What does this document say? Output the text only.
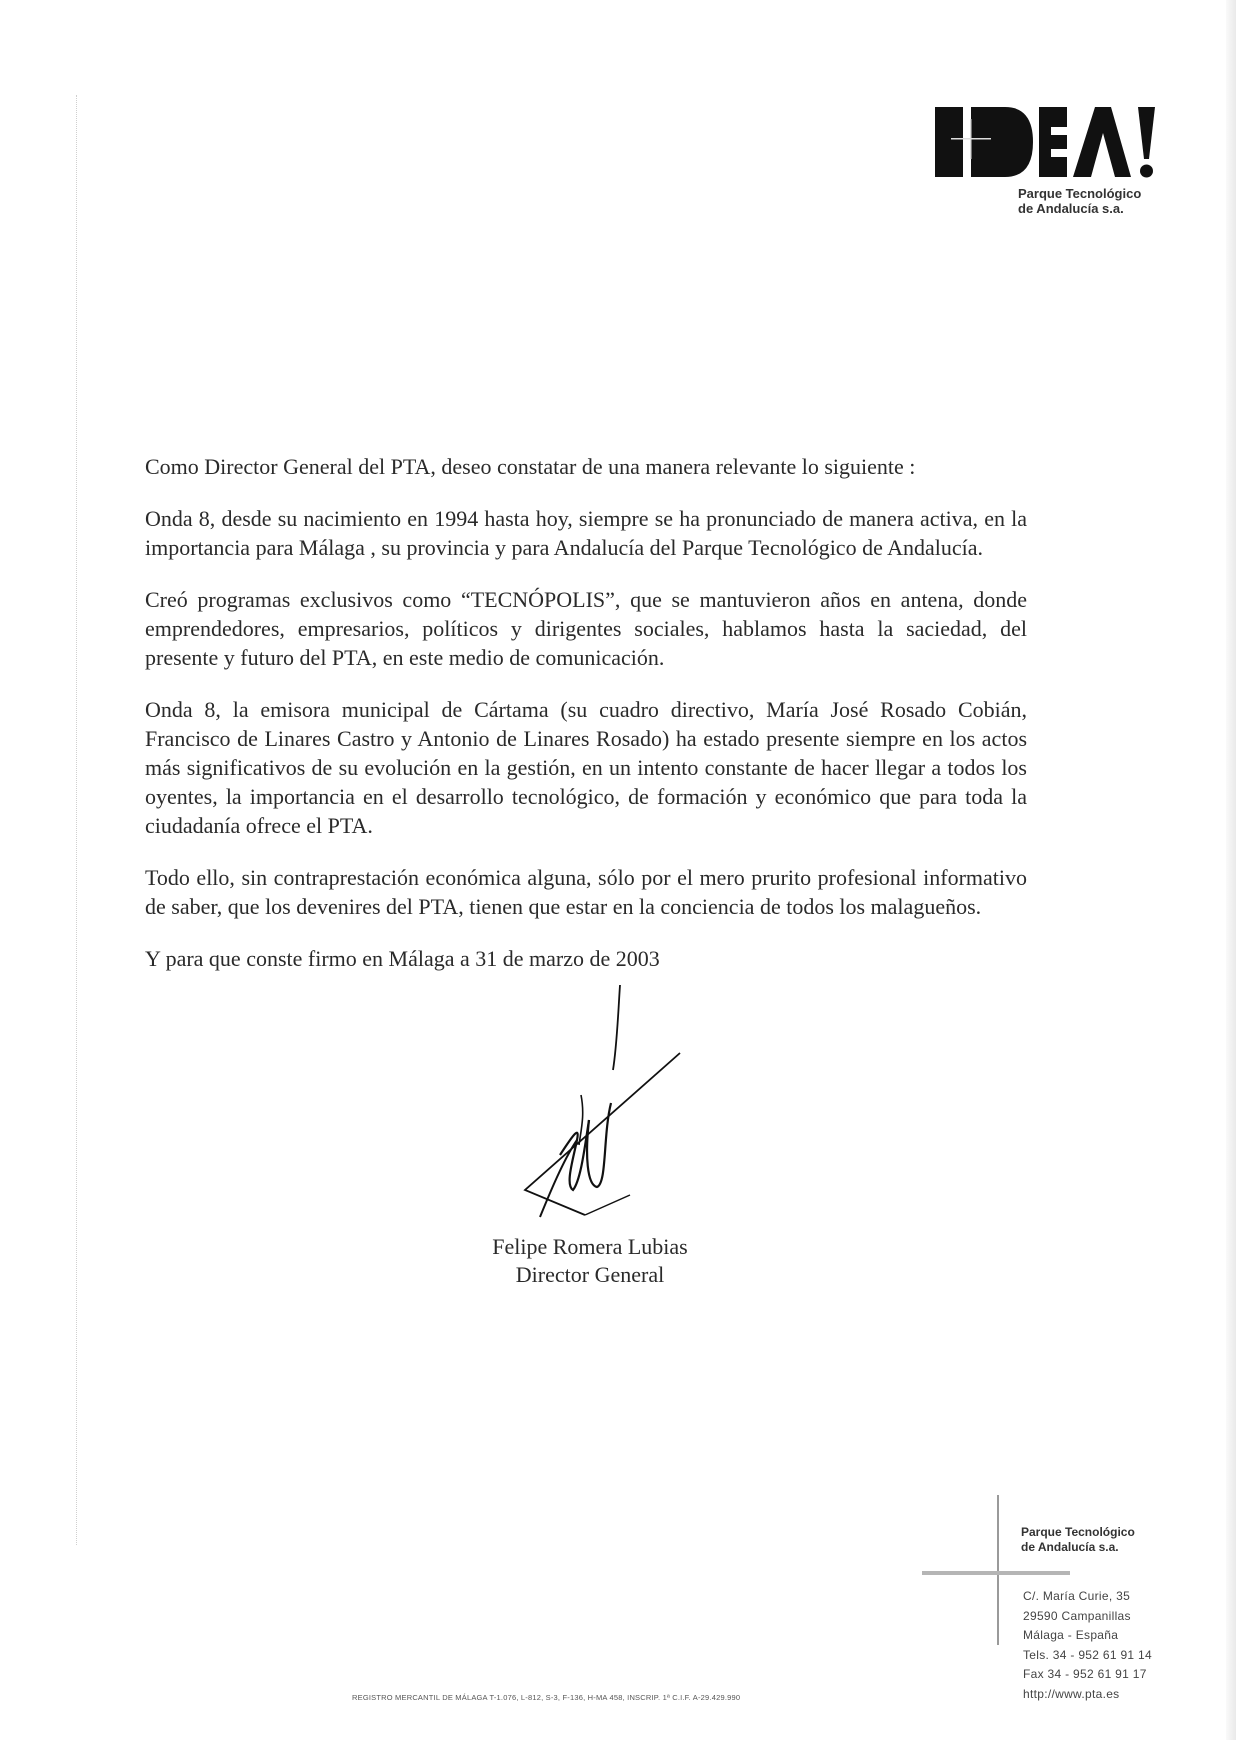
Parque Tecnológico
de Andalucía s.a.

Como Director General del PTA, deseo constatar de una manera relevante lo siguiente :

Onda 8, desde su nacimiento en 1994 hasta hoy, siempre se ha pronunciado de manera activa, en la importancia para Málaga , su provincia y para Andalucía del Parque Tecnológico de Andalucía.

Creó programas exclusivos como “TECNÓPOLIS”, que se mantuvieron años en antena, donde emprendedores, empresarios, políticos y dirigentes sociales, hablamos hasta la saciedad, del presente y futuro del PTA, en este medio de comunicación.

Onda 8, la emisora municipal de Cártama (su cuadro directivo, María José Rosado Cobián, Francisco de Linares Castro y Antonio de Linares Rosado) ha estado presente siempre en los actos más significativos de su evolución en la gestión, en un intento constante de hacer llegar a todos los oyentes, la importancia en el desarrollo tecnológico, de formación y económico que para toda la ciudadanía ofrece el PTA.

Todo ello, sin contraprestación económica alguna, sólo por el mero prurito profesional informativo de saber, que los devenires del PTA, tienen que estar en la conciencia de todos los malagueños.

Y para que conste firmo en Málaga a 31 de marzo de 2003

Felipe Romera Lubias
Director General
Parque Tecnológico
de Andalucía s.a.
C/. María Curie, 35
29590 Campanillas
Málaga - España
Tels. 34 - 952 61 91 14
Fax 34 - 952 61 91 17
http://www.pta.es
REGISTRO MERCANTIL DE MÁLAGA T-1.076, L-812, S-3, F-136, H-MA 458, INSCRIP. 1ª C.I.F. A-29.429.990
